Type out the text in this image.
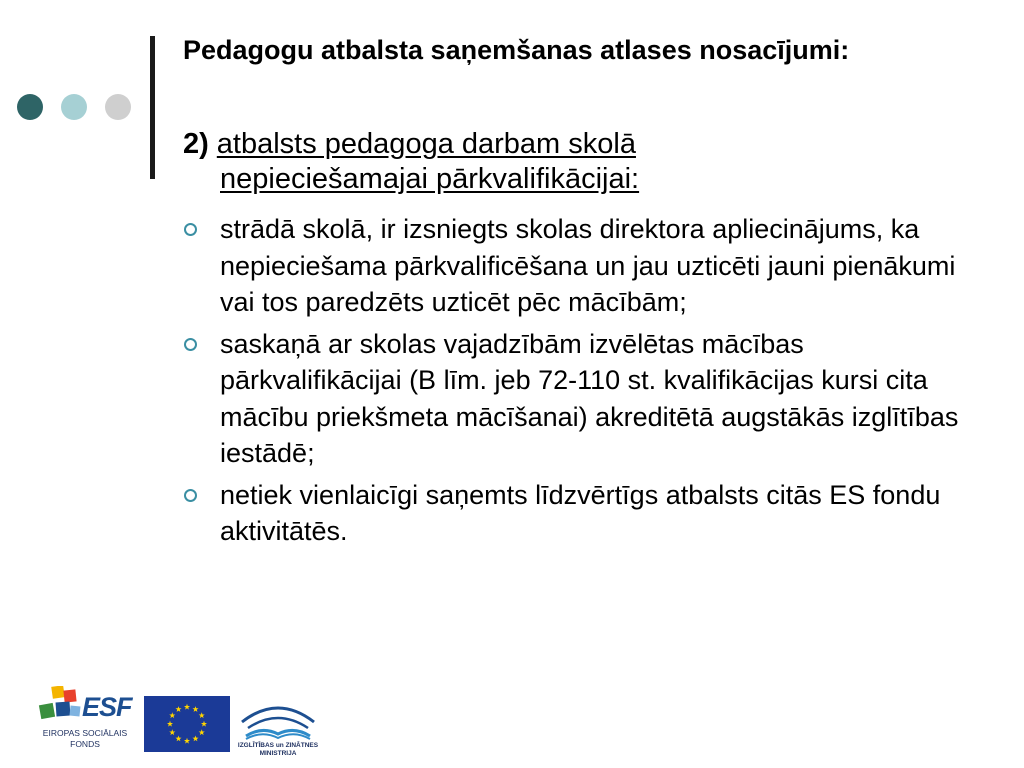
Pedagogu atbalsta saņemšanas atlases nosacījumi:
2) atbalsts pedagoga darbam skolā
nepieciešamajai pārkvalifikācijai:
strādā skolā, ir izsniegts skolas direktora apliecinājums, ka nepieciešama pārkvalificēšana un jau uzticēti jauni pienākumi vai tos paredzēts uzticēt pēc mācībām;
saskaņā ar skolas vajadzībām izvēlētas mācības pārkvalifikācijai (B līm. jeb 72-110 st. kvalifikācijas kursi cita mācību priekšmeta mācīšanai) akreditētā augstākās izglītības iestādē;
netiek vienlaicīgi saņemts līdzvērtīgs atbalsts citās ES fondu aktivitātēs.
ESF
EIROPAS SOCIĀLAIS
FONDS	IZGLĪTĪBAS un ZINĀTNES
MINISTRIJA
